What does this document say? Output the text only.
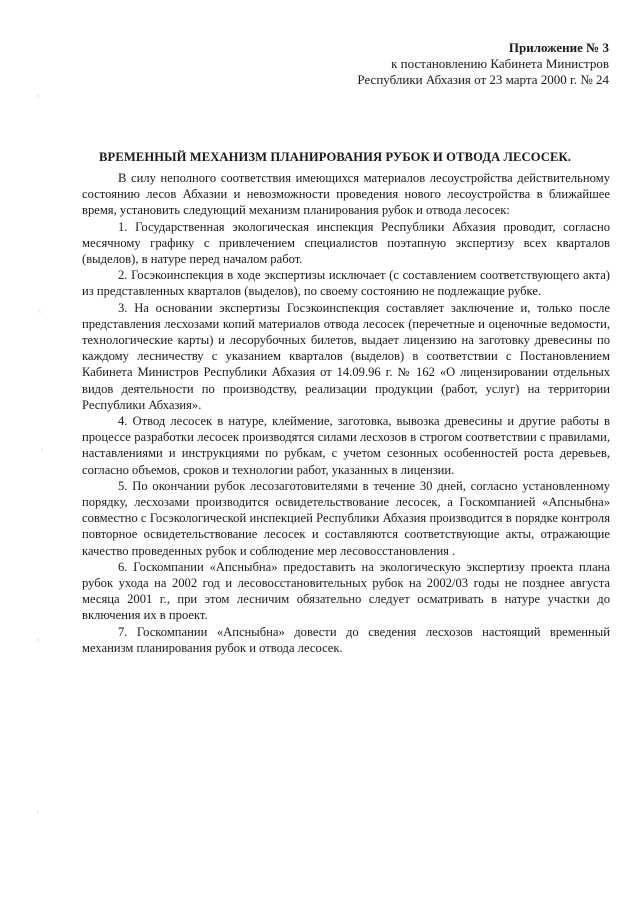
Приложение № 3
к постановлению Кабинета Министров
Республики Абхазия от 23 марта 2000 г. № 24
ВРЕМЕННЫЙ МЕХАНИЗМ ПЛАНИРОВАНИЯ РУБОК И ОТВОДА ЛЕСОСЕК.

В силу неполного соответствия имеющихся материалов лесоустройства действительному состоянию лесов Абхазии и невозможности проведения нового лесоустройства в ближайшее время, установить следующий механизм планирования рубок и отвода лесосек:

1. Государственная экологическая инспекция Республики Абхазия проводит, согласно месячному графику с привлечением специалистов поэтапную экспертизу всех кварталов (выделов), в натуре перед началом работ.

2. Госэкоинспекция в ходе экспертизы исключает (с составлением соответствующего акта) из представленных кварталов (выделов), по своему состоянию не подлежащие рубке.

3. На основании экспертизы Госэкоинспекция составляет заключение и, только после представления лесхозами копий материалов отвода лесосек (перечетные и оценочные ведомости, технологические карты) и лесорубочных билетов, выдает лицензию на заготовку древесины по каждому лесничеству с указанием кварталов (выделов) в соответствии с Постановлением Кабинета Министров Республики Абхазия от 14.09.96 г. № 162 «О лицензировании отдельных видов деятельности по производству, реализации продукции (работ, услуг) на территории Республики Абхазия».

4. Отвод лесосек в натуре, клеймение, заготовка, вывозка древесины и другие работы в процессе разработки лесосек производятся силами лесхозов в строгом соответствии с правилами, наставлениями и инструкциями по рубкам, с учетом сезонных особенностей роста деревьев, согласно объемов, сроков и технологии работ, указанных в лицензии.

5. По окончании рубок лесозаготовителями в течение 30 дней, согласно установленному порядку, лесхозами производится освидетельствование лесосек, а Госкомпанией «Апсныбна» совместно с Госэкологической инспекцией Республики Абхазия производится в порядке контроля повторное освидетельствование лесосек и составляются соответствующие акты, отражающие качество проведенных рубок и соблюдение мер лесовосстановления .

6. Госкомпании «Апсныбна» предоставить на экологическую экспертизу проекта плана рубок ухода на 2002 год и лесовосстановительных рубок на 2002/03 годы не позднее августа месяца 2001 г., при этом лесничим обязательно следует осматривать в натуре участки до включения их в проект.

7. Госкомпании «Апсныбна» довести до сведения лесхозов настоящий временный механизм планирования рубок и отвода лесосек.

ʿ
ʿ
ʿ
ʿ
ʿ
